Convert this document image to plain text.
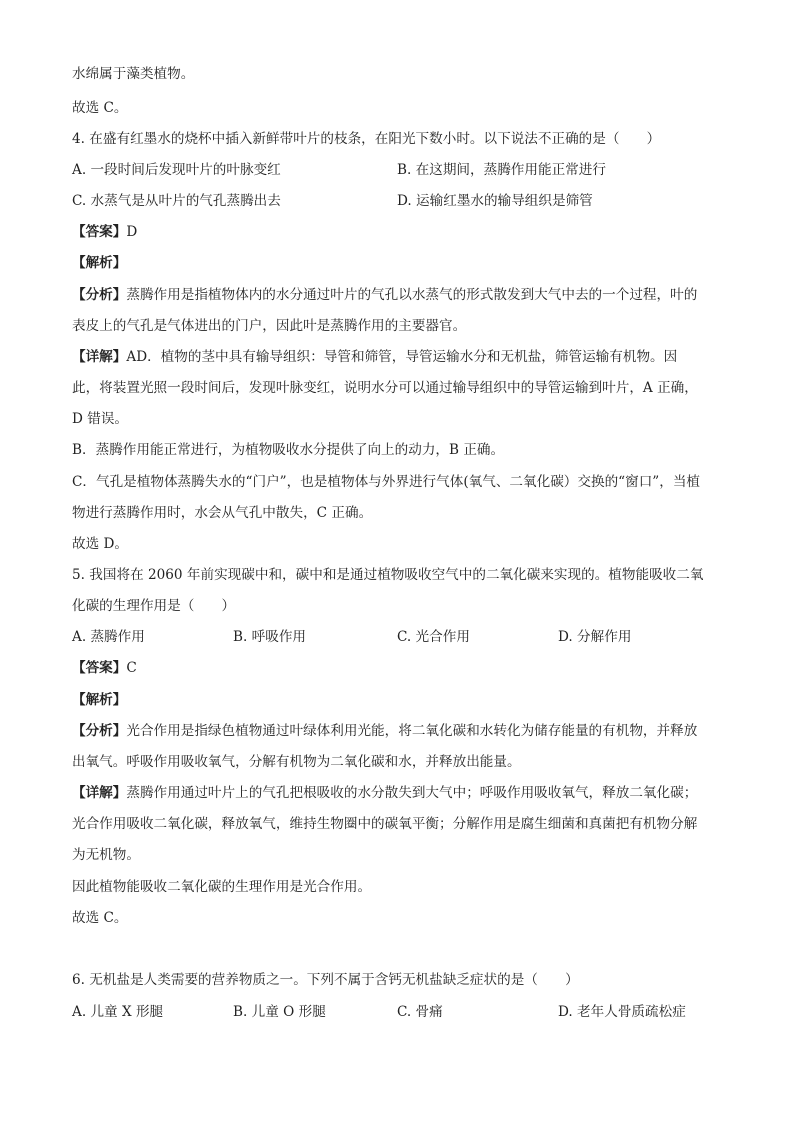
水绵属于藻类植物。
故选 C。
4. 在盛有红墨水的烧杯中插入新鲜带叶片的枝条，在阳光下数小时。以下说法不正确的是（　　）
A. 一段时间后发现叶片的叶脉变红	B. 在这期间，蒸腾作用能正常进行
C. 水蒸气是从叶片的气孔蒸腾出去	D. 运输红墨水的输导组织是筛管
【答案】D
【解析】
【分析】蒸腾作用是指植物体内的水分通过叶片的气孔以水蒸气的形式散发到大气中去的一个过程，叶的
表皮上的气孔是气体进出的门户，因此叶是蒸腾作用的主要器官。
【详解】AD．植物的茎中具有输导组织：导管和筛管，导管运输水分和无机盐，筛管运输有机物。因
此，将装置光照一段时间后，发现叶脉变红，说明水分可以通过输导组织中的导管运输到叶片，A 正确，
D 错误。
B．蒸腾作用能正常进行，为植物吸收水分提供了向上的动力，B 正确。
C．气孔是植物体蒸腾失水的“门户”，也是植物体与外界进行气体(氧气、二氧化碳）交换的“窗口”，当植
物进行蒸腾作用时，水会从气孔中散失，C 正确。
故选 D。
5. 我国将在 2060 年前实现碳中和，碳中和是通过植物吸收空气中的二氧化碳来实现的。植物能吸收二氧
化碳的生理作用是（　　）
A. 蒸腾作用	B. 呼吸作用	C. 光合作用	D. 分解作用
【答案】C
【解析】
【分析】光合作用是指绿色植物通过叶绿体利用光能，将二氧化碳和水转化为储存能量的有机物，并释放
出氧气。呼吸作用吸收氧气，分解有机物为二氧化碳和水，并释放出能量。
【详解】蒸腾作用通过叶片上的气孔把根吸收的水分散失到大气中；呼吸作用吸收氧气，释放二氧化碳；
光合作用吸收二氧化碳，释放氧气，维持生物圈中的碳氧平衡；分解作用是腐生细菌和真菌把有机物分解
为无机物。
因此植物能吸收二氧化碳的生理作用是光合作用。
故选 C。
6. 无机盐是人类需要的营养物质之一。下列不属于含钙无机盐缺乏症状的是（　　）
A. 儿童 X 形腿	B. 儿童 O 形腿	C. 骨痛	D. 老年人骨质疏松症
